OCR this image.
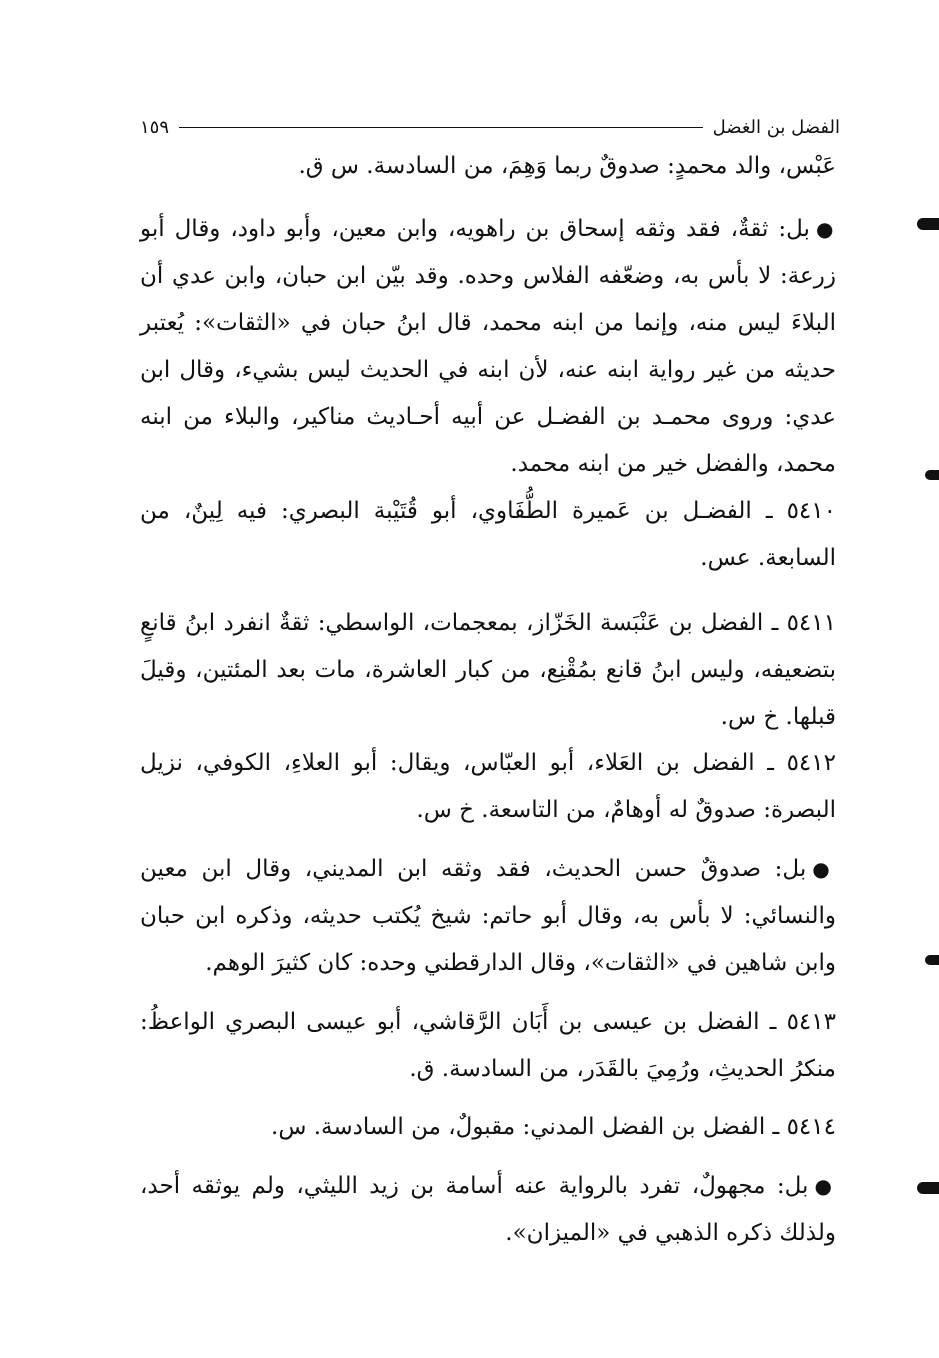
الفضل بن الغضل
١٥٩
عَبْس، والد محمدٍ: صدوقٌ ربما وَهِمَ، من السادسة. س ق.
●بل: ثقةٌ، فقد وثقه إسحاق بن راهويه، وابن معين، وأبو داود، وقال أبو زرعة: لا بأس به، وضعّفه الفلاس وحده. وقد بيّن ابن حبان، وابن عدي أن البلاءَ ليس منه، وإنما من ابنه محمد، قال ابنُ حبان في «الثقات»: يُعتبر حديثه من غير رواية ابنه عنه، لأن ابنه في الحديث ليس بشيء، وقال ابن عدي: وروى محمـد بن الفضـل عن أبيه أحـاديث مناكير، والبلاء من ابنه محمد، والفضل خير من ابنه محمد.
٥٤١٠ ـ الفضـل بن عَميرة الطُّفَاوي، أبو قُتَيْبة البصري: فيه لِينٌ، من السابعة. عس.
٥٤١١ ـ الفضل بن عَنْبَسة الخَزّاز، بمعجمات، الواسطي: ثقةٌ انفرد ابنُ قانعٍ بتضعيفه، وليس ابنُ قانع بمُقْنِع، من كبار العاشرة، مات بعد المئتين، وقيلَ قبلها. خ س.
٥٤١٢ ـ الفضل بن العَلاء، أبو العبّاس، ويقال: أبو العلاءِ، الكوفي، نزيل البصرة: صدوقٌ له أوهامٌ، من التاسعة. خ س.
●بل: صدوقٌ حسن الحديث، فقد وثقه ابن المديني، وقال ابن معين والنسائي: لا بأس به، وقال أبو حاتم: شيخ يُكتب حديثه، وذكره ابن حبان وابن شاهين في «الثقات»، وقال الدارقطني وحده: كان كثيرَ الوهم.
٥٤١٣ ـ الفضل بن عيسى بن أَبَان الرَّقاشي، أبو عيسى البصري الواعظُ: منكرُ الحديثِ، ورُمِيَ بالقَدَر، من السادسة. ق.
٥٤١٤ ـ الفضل بن الفضل المدني: مقبولٌ، من السادسة. س.
●بل: مجهولٌ، تفرد بالرواية عنه أسامة بن زيد الليثي، ولم يوثقه أحد، ولذلك ذكره الذهبي في «الميزان».
